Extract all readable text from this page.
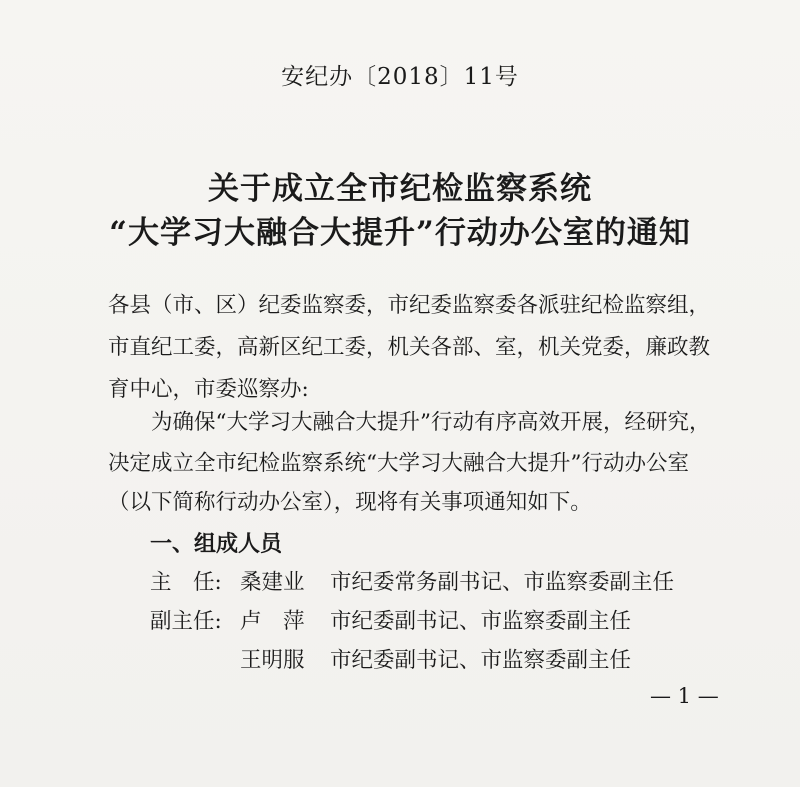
安纪办〔2018〕11号
关于成立全市纪检监察系统
“大学习大融合大提升”行动办公室的通知
各县（市、区）纪委监察委，市纪委监察委各派驻纪检监察组，
市直纪工委，高新区纪工委，机关各部、室，机关党委，廉政教
育中心，市委巡察办:
　　为确保“大学习大融合大提升”行动有序高效开展，经研究，
决定成立全市纪检监察系统“大学习大融合大提升”行动办公室
（以下简称行动办公室），现将有关事项通知如下。
一、组成人员
主　任: 桑建业 市纪委常务副书记、市监察委副主任
副主任: 卢　萍 市纪委副书记、市监察委副主任
王明服 市纪委副书记、市监察委副主任
— 1 —
